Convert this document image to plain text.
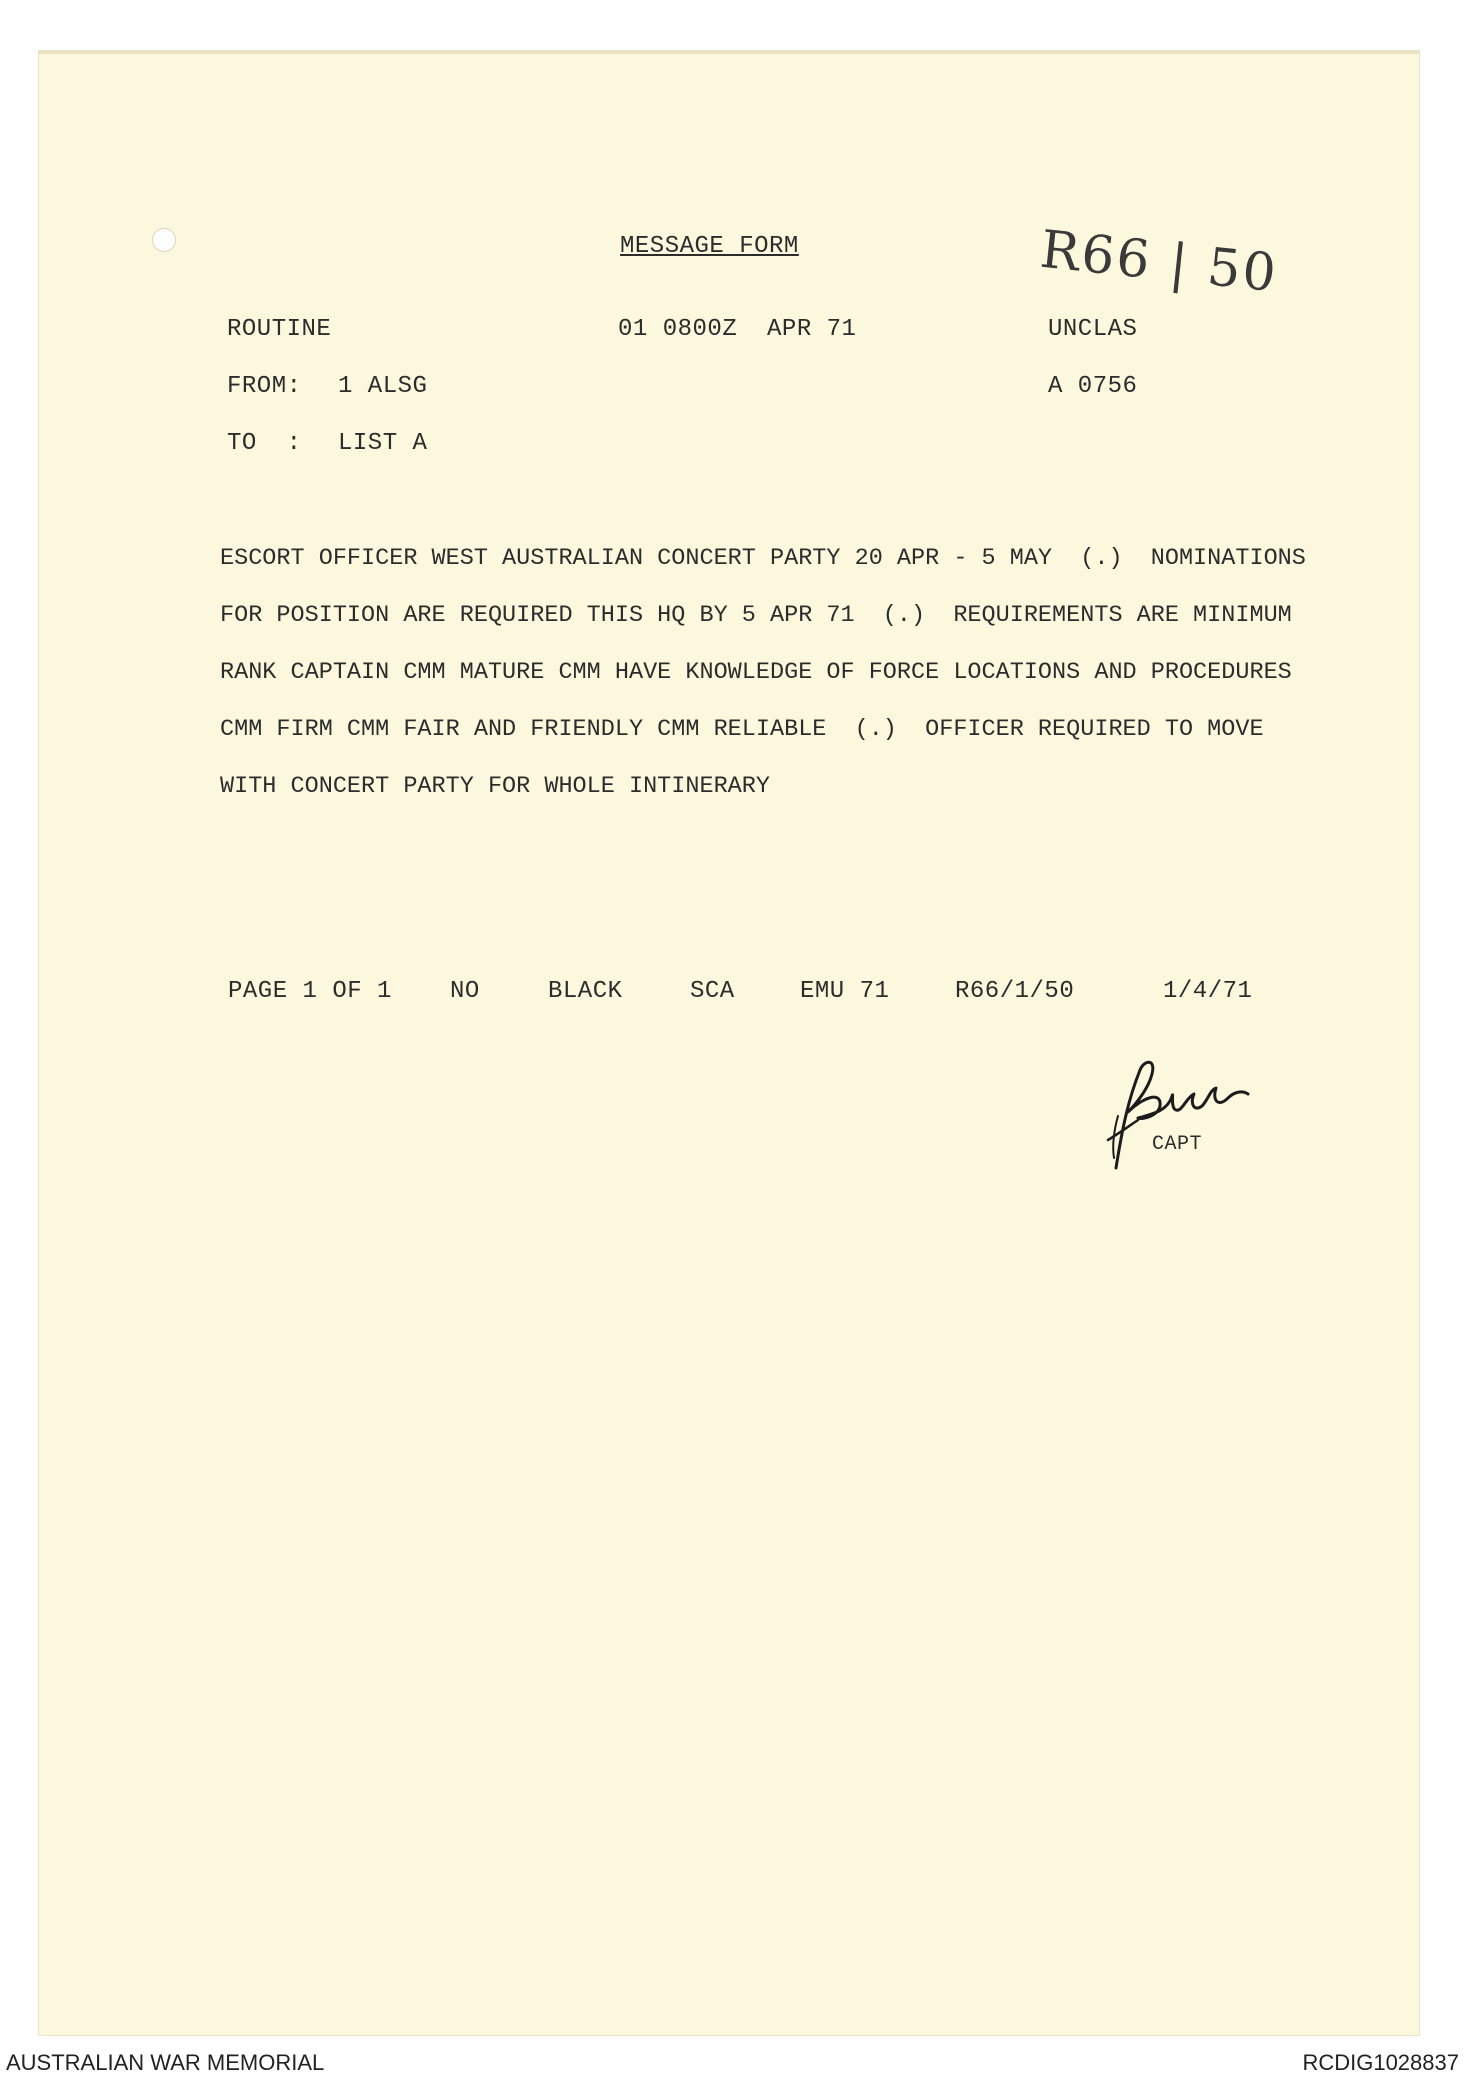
MESSAGE FORM	R66 | 50
ROUTINE	01 0800Z  APR 71	UNCLAS
FROM: 1 ALSG	A 0756
TO  : LIST A
ESCORT OFFICER WEST AUSTRALIAN CONCERT PARTY 20 APR - 5 MAY  (.)  NOMINATIONS
FOR POSITION ARE REQUIRED THIS HQ BY 5 APR 71  (.)  REQUIREMENTS ARE MINIMUM
RANK CAPTAIN CMM MATURE CMM HAVE KNOWLEDGE OF FORCE LOCATIONS AND PROCEDURES
CMM FIRM CMM FAIR AND FRIENDLY CMM RELIABLE  (.)  OFFICER REQUIRED TO MOVE
WITH CONCERT PARTY FOR WHOLE INTINERARY
PAGE 1 OF 1 NO	BLACK	SCA	EMU 71	R66/1/50	1/4/71
CAPT
AUSTRALIAN WAR MEMORIAL	RCDIG1028837
